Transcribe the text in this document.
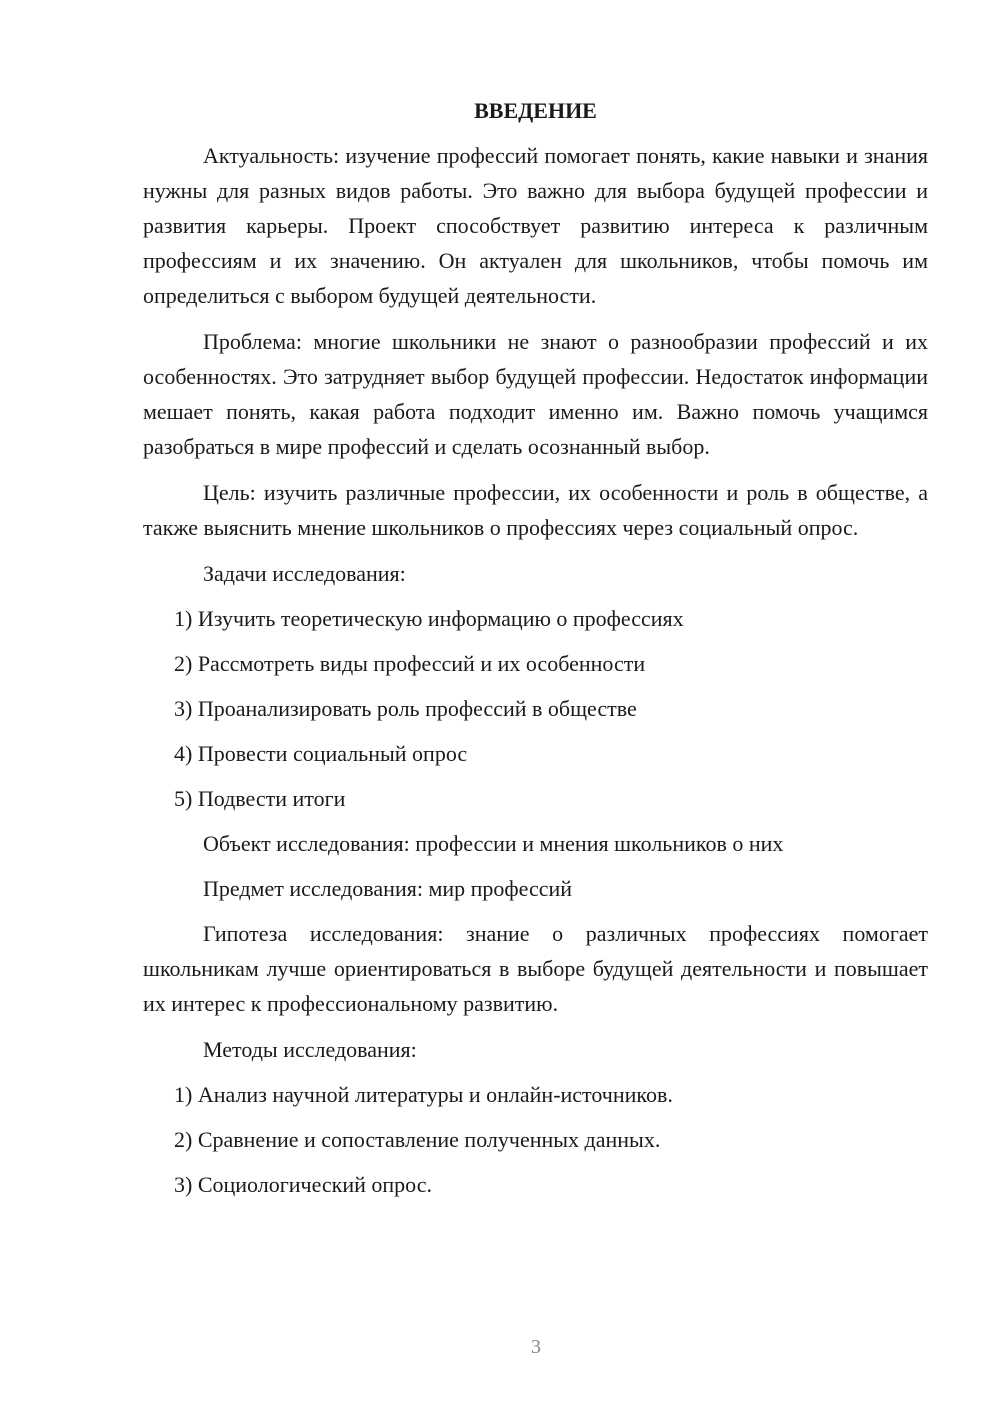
ВВЕДЕНИЕ

Актуальность: изучение профессий помогает понять, какие навыки и знания нужны для разных видов работы. Это важно для выбора будущей профессии и развития карьеры. Проект способствует развитию интереса к различным профессиям и их значению. Он актуален для школьников, чтобы помочь им определиться с выбором будущей деятельности.

Проблема: многие школьники не знают о разнообразии профессий и их особенностях. Это затрудняет выбор будущей профессии. Недостаток информации мешает понять, какая работа подходит именно им. Важно помочь учащимся разобраться в мире профессий и сделать осознанный выбор.

Цель: изучить различные профессии, их особенности и роль в обществе, а также выяснить мнение школьников о профессиях через социальный опрос.

Задачи исследования:
1) Изучить теоретическую информацию о профессиях
2) Рассмотреть виды профессий и их особенности
3) Проанализировать роль профессий в обществе
4) Провести социальный опрос
5) Подвести итоги
Объект исследования: профессии и мнения школьников о них
Предмет исследования: мир профессий

Гипотеза исследования: знание о различных профессиях помогает школьникам лучше ориентироваться в выборе будущей деятельности и повышает их интерес к профессиональному развитию.

Методы исследования:
1) Анализ научной литературы и онлайн-источников.
2) Сравнение и сопоставление полученных данных.
3) Социологический опрос.
3
